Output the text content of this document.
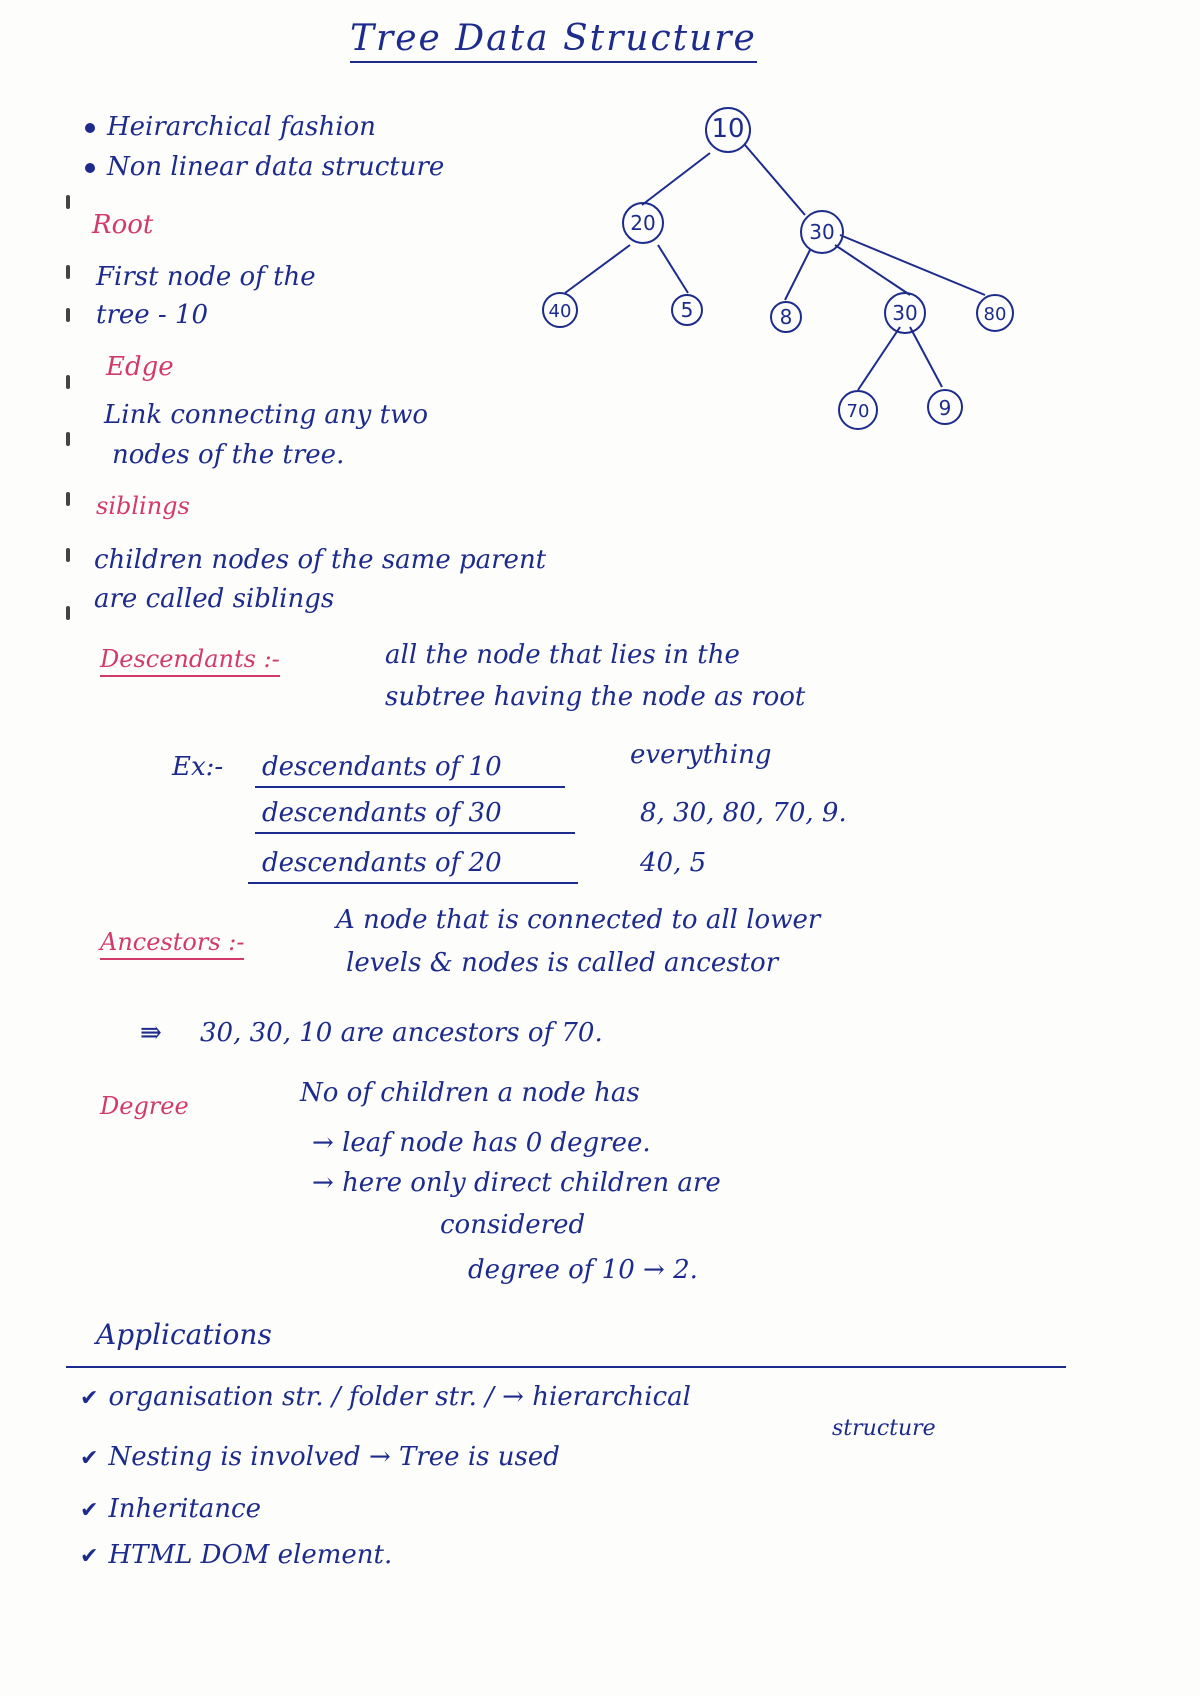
Tree Data Structure
Heirarchical fashion
Non linear data structure
Root
First node of the
tree - 10
Edge
Link connecting any two
nodes of the tree.
siblings
children nodes of the same parent
are called siblings
Descendants :-	all the node that lies in the
subtree having the node as root
Ex:- descendants of 10	everything
descendants of 30	8, 30, 80, 70, 9.
descendants of 20	40, 5
Ancestors :-
A node that is connected to all lower
levels & nodes is called ancestor
⇛ 30, 30, 10 are ancestors of 70.
Degree	No of children a node has
→ leaf node has 0 degree.
→ here only direct children are
considered
degree of 10 → 2.
Applications
✔ organisation str. / folder str. / → hierarchical
structure
✔ Nesting is involved → Tree is used
✔ Inheritance
✔ HTML DOM element.
10
20	30
40	5	8	30	80
70	9
